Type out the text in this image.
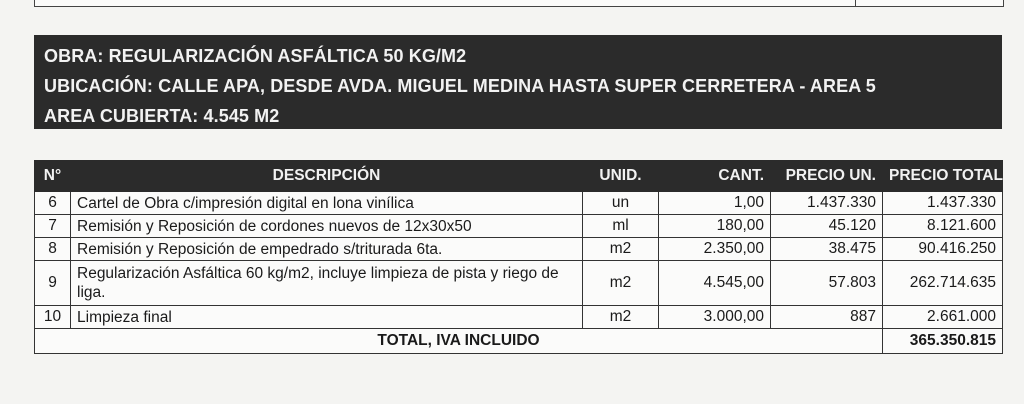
OBRA: REGULARIZACIÓN ASFÁLTICA 50 KG/M2
UBICACIÓN: CALLE APA, DESDE AVDA. MIGUEL MEDINA HASTA SUPER CERRETERA - AREA 5
AREA CUBIERTA: 4.545 M2
N°	DESCRIPCIÓN	UNID.	CANT.	PRECIO UN.	PRECIO TOTAL
6	Cartel de Obra c/impresión digital en lona vinílica	un	1,00	1.437.330	1.437.330
7	Remisión y Reposición de cordones nuevos de 12x30x50	ml	180,00	45.120	8.121.600
8	Remisión y Reposición de empedrado s/triturada 6ta.	m2	2.350,00	38.475	90.416.250
9	Regularización Asfáltica 60 kg/m2, incluye limpieza de pista y riego de liga.	m2	4.545,00	57.803	262.714.635
10	Limpieza final	m2	3.000,00	887	2.661.000
TOTAL, IVA INCLUIDO					365.350.815
